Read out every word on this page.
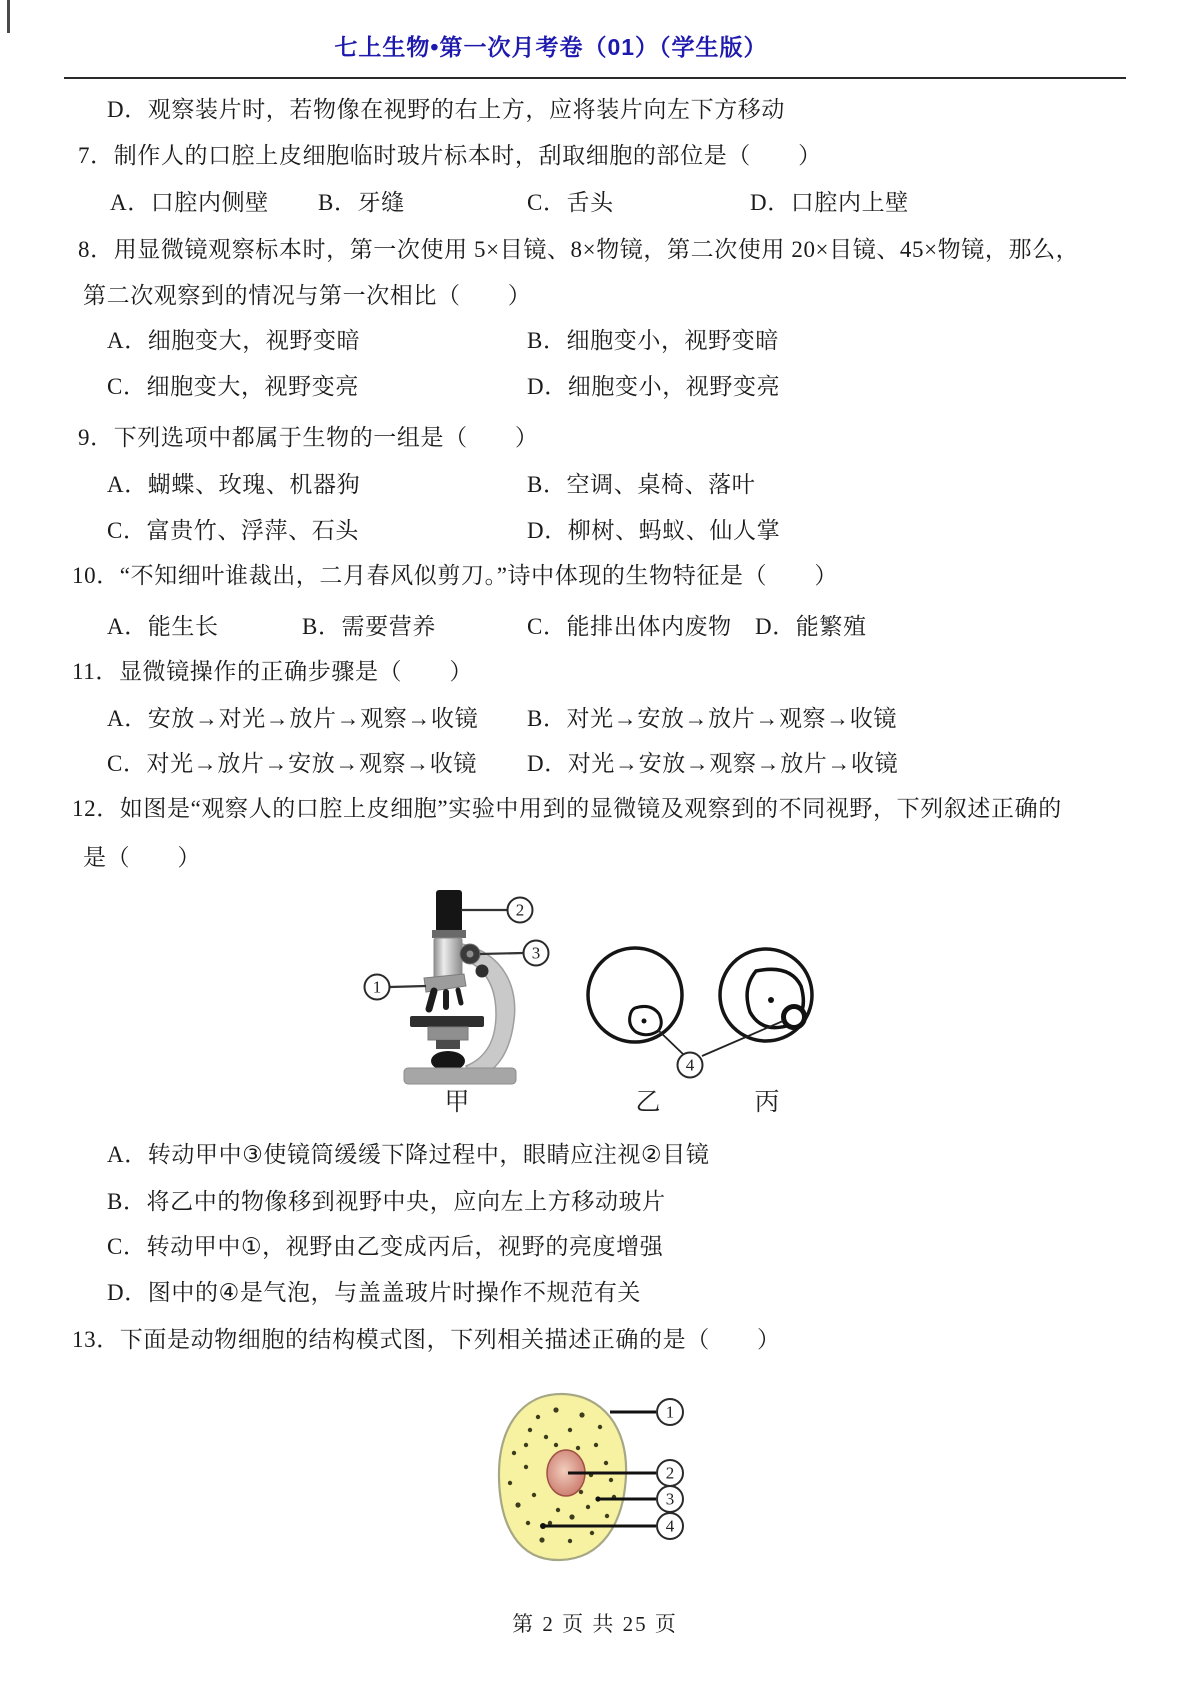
七上生物•第一次月考卷（01）（学生版）
D．观察装片时，若物像在视野的右上方，应将装片向左下方移动
7．制作人的口腔上皮细胞临时玻片标本时，刮取细胞的部位是（　　）
A．口腔内侧壁 B．牙缝	C．舌头	D．口腔内上壁
8．用显微镜观察标本时，第一次使用 5×目镜、8×物镜，第二次使用 20×目镜、45×物镜，那么，
第二次观察到的情况与第一次相比（　　）
A．细胞变大，视野变暗	B．细胞变小，视野变暗
C．细胞变大，视野变亮	D．细胞变小，视野变亮
9．下列选项中都属于生物的一组是（　　）
A．蝴蝶、玫瑰、机器狗	B．空调、桌椅、落叶
C．富贵竹、浮萍、石头	D．柳树、蚂蚁、仙人掌
10．“不知细叶谁裁出，二月春风似剪刀。”诗中体现的生物特征是（　　）
A．能生长	B．需要营养	C．能排出体内废物 D．能繁殖
11．显微镜操作的正确步骤是（　　）
A．安放→对光→放片→观察→收镜 B．对光→安放→放片→观察→收镜
C．对光→放片→安放→观察→收镜 D．对光→安放→观察→放片→收镜
12．如图是“观察人的口腔上皮细胞”实验中用到的显微镜及观察到的不同视野，下列叙述正确的
是（　　）
1
2
3
4
甲	乙	丙
A．转动甲中③使镜筒缓缓下降过程中，眼睛应注视②目镜
B．将乙中的物像移到视野中央，应向左上方移动玻片
C．转动甲中①，视野由乙变成丙后，视野的亮度增强
D．图中的④是气泡，与盖盖玻片时操作不规范有关
13．下面是动物细胞的结构模式图，下列相关描述正确的是（　　）
1
2
3
4
第 2 页 共 25 页
